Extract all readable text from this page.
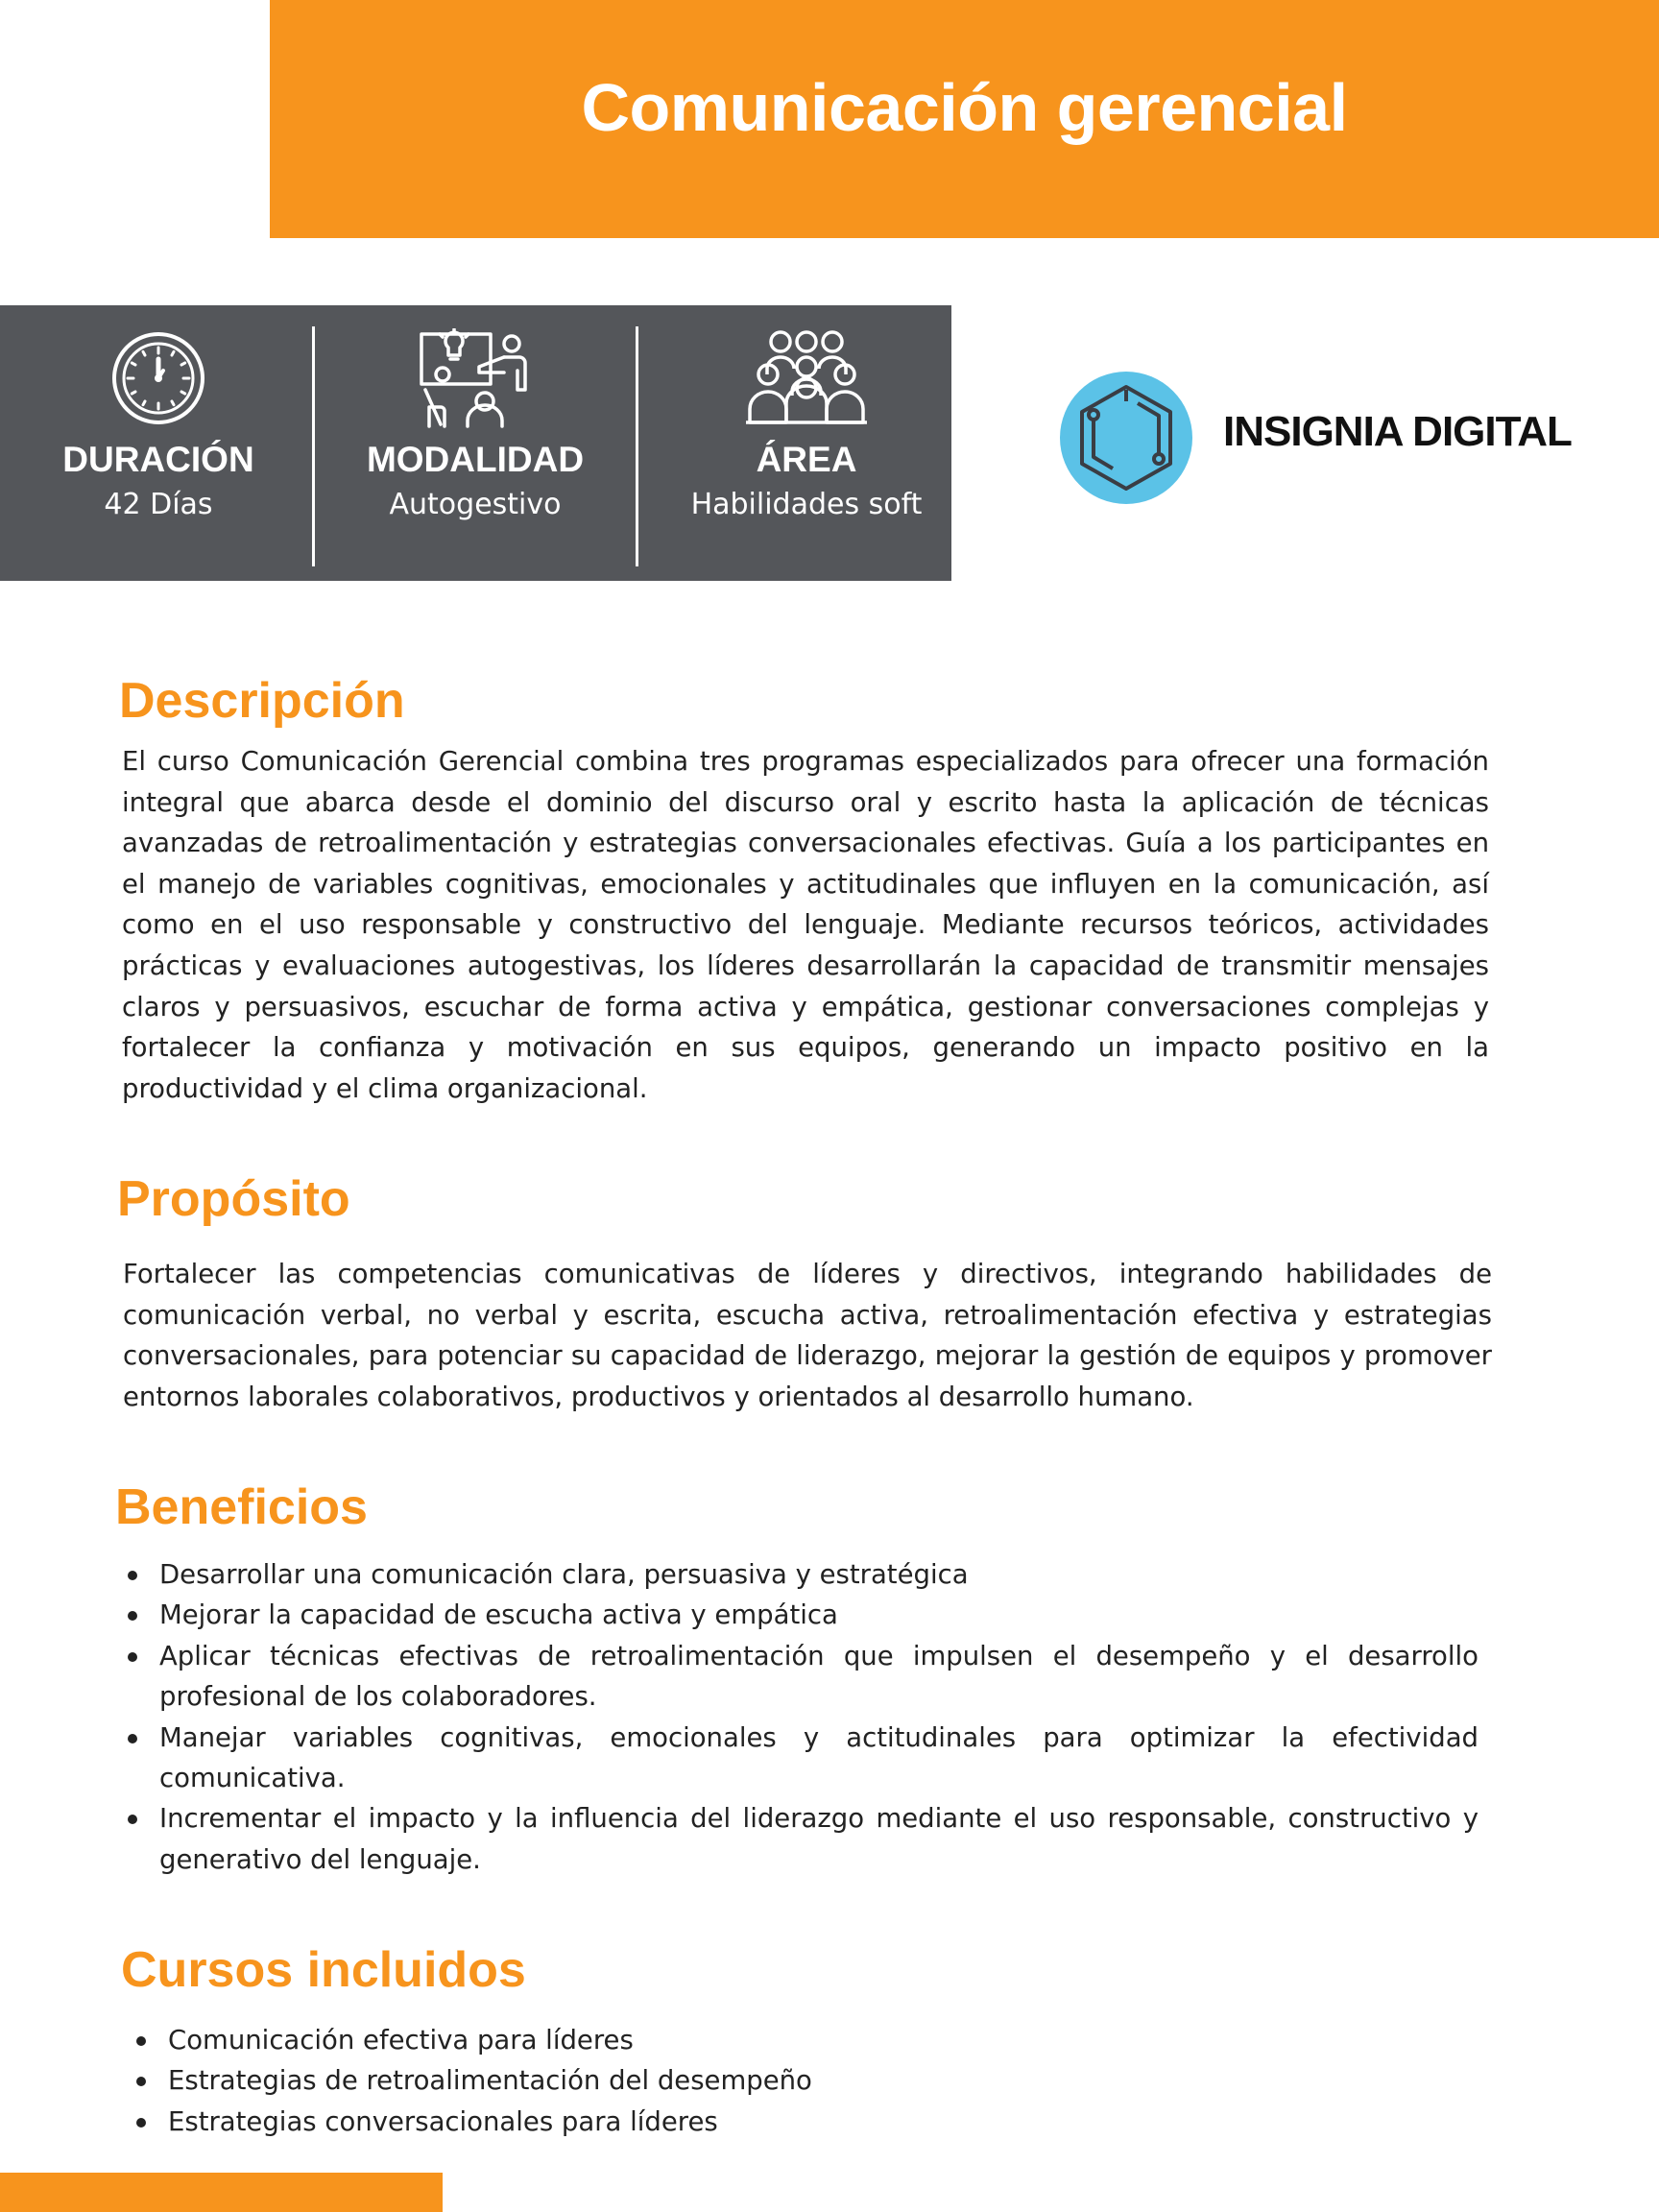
Comunicación gerencial
DURACIÓN
42 Días
MODALIDAD
Autogestivo
ÁREA
Habilidades soft
INSIGNIA DIGITAL
Descripción

El curso Comunicación Gerencial combina tres programas especializados para ofrecer una formación integral que abarca desde el dominio del discurso oral y escrito hasta la aplicación de técnicas avanzadas de retroalimentación y estrategias conversacionales efectivas. Guía a los participantes en el manejo de variables cognitivas, emocionales y actitudinales que influyen en la comunicación, así como en el uso responsable y constructivo del lenguaje. Mediante recursos teóricos, actividades prácticas y evaluaciones autogestivas, los líderes desarrollarán la capacidad de transmitir mensajes claros y persuasivos, escuchar de forma activa y empática, gestionar conversaciones complejas y fortalecer la confianza y motivación en sus equipos, generando un impacto positivo en la productividad y el clima organizacional.

Propósito

Fortalecer las competencias comunicativas de líderes y directivos, integrando habilidades de comunicación verbal, no verbal y escrita, escucha activa, retroalimentación efectiva y estrategias conversacionales, para potenciar su capacidad de liderazgo, mejorar la gestión de equipos y promover entornos laborales colaborativos, productivos y orientados al desarrollo humano.

Beneficios
Desarrollar una comunicación clara, persuasiva y estratégica
Mejorar la capacidad de escucha activa y empática
Aplicar técnicas efectivas de retroalimentación que impulsen el desempeño y el desarrollo profesional de los colaboradores.
Manejar variables cognitivas, emocionales y actitudinales para optimizar la efectividad comunicativa.
Incrementar el impacto y la influencia del liderazgo mediante el uso responsable, constructivo y generativo del lenguaje.
Cursos incluidos
Comunicación efectiva para líderes
Estrategias de retroalimentación del desempeño
Estrategias conversacionales para líderes
